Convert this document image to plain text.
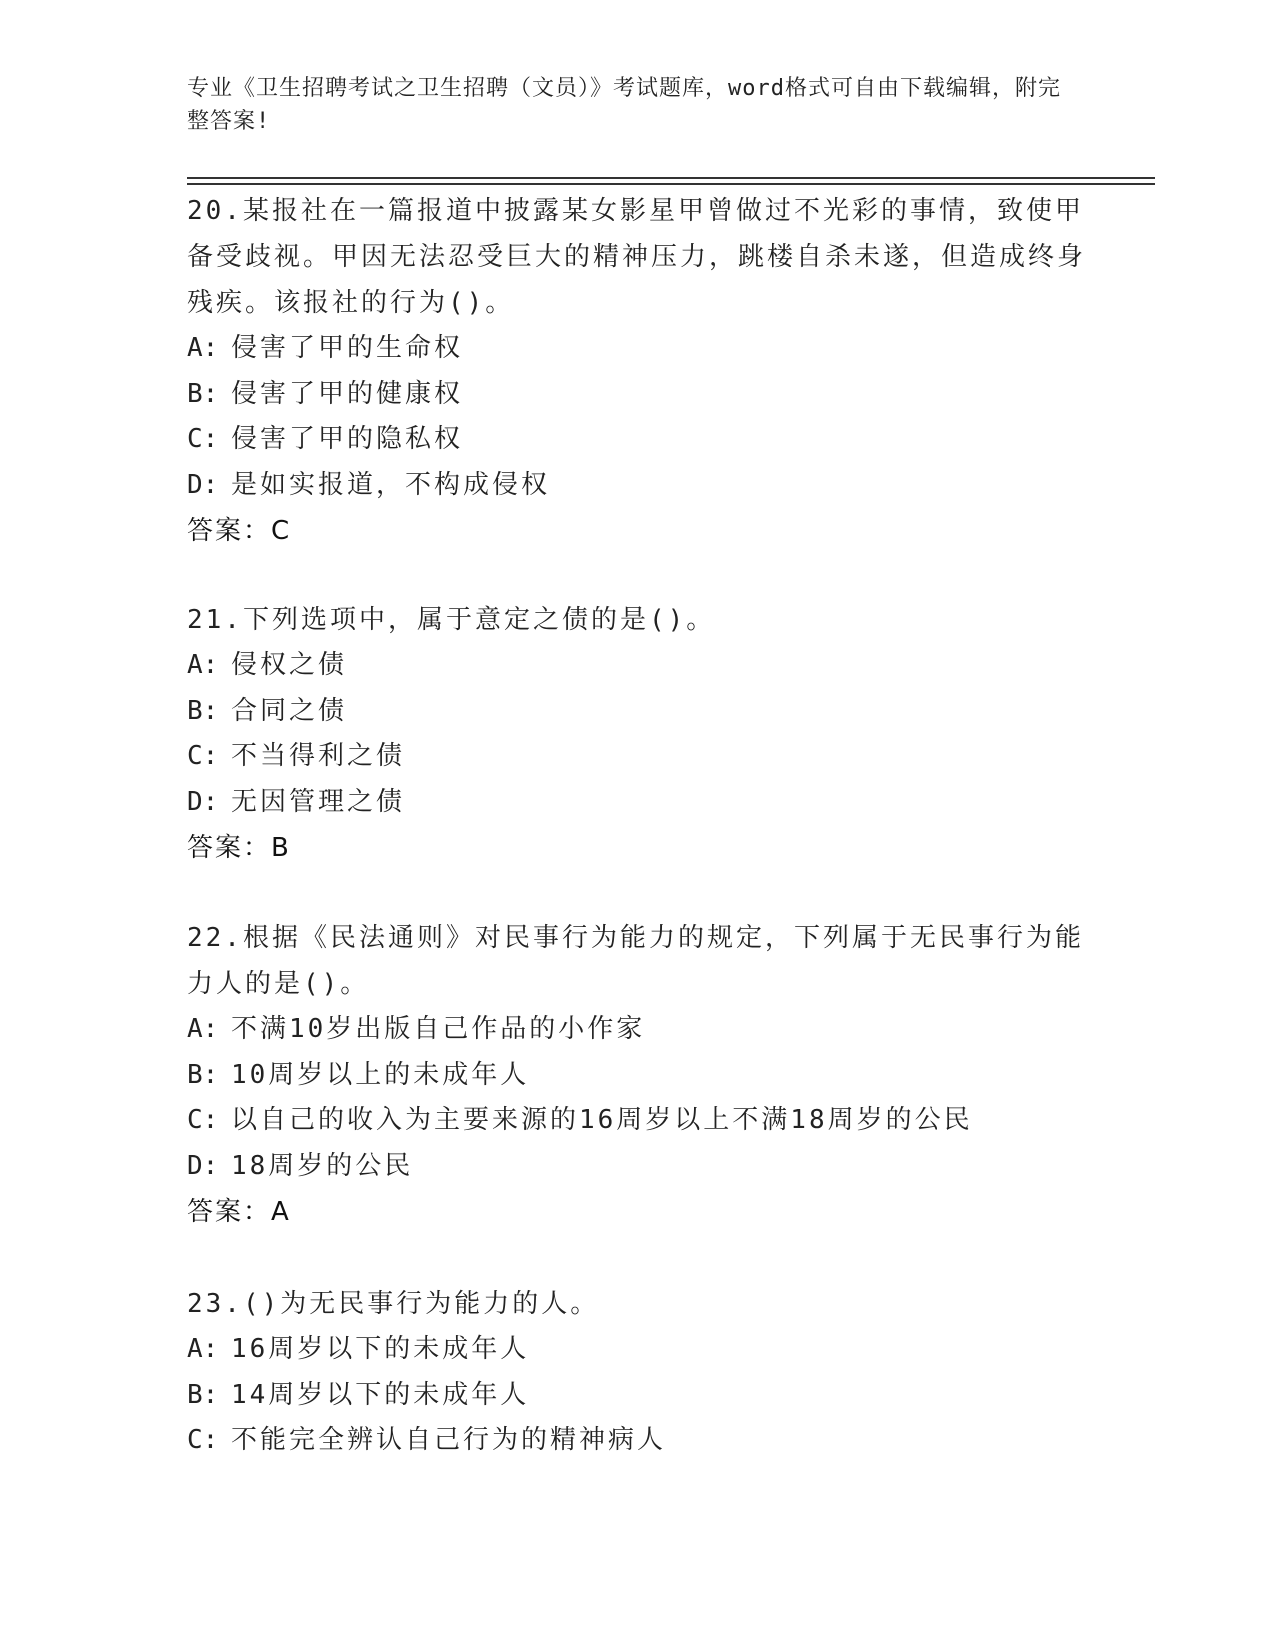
专业《卫生招聘考试之卫生招聘（文员）》考试题库，word格式可自由下载编辑，附完整答案!

20.某报社在一篇报道中披露某女影星甲曾做过不光彩的事情，致使甲备受歧视。甲因无法忍受巨大的精神压力，跳楼自杀未遂，但造成终身残疾。该报社的行为()。

A: 侵害了甲的生命权

B: 侵害了甲的健康权

C: 侵害了甲的隐私权

D: 是如实报道，不构成侵权

答案：C

21.下列选项中，属于意定之债的是()。

A: 侵权之债

B: 合同之债

C: 不当得利之债

D: 无因管理之债

答案：B

22.根据《民法通则》对民事行为能力的规定，下列属于无民事行为能力人的是()。

A: 不满10岁出版自己作品的小作家

B: 10周岁以上的未成年人

C: 以自己的收入为主要来源的16周岁以上不满18周岁的公民

D: 18周岁的公民

答案：A

23.()为无民事行为能力的人。

A: 16周岁以下的未成年人

B: 14周岁以下的未成年人

C: 不能完全辨认自己行为的精神病人
